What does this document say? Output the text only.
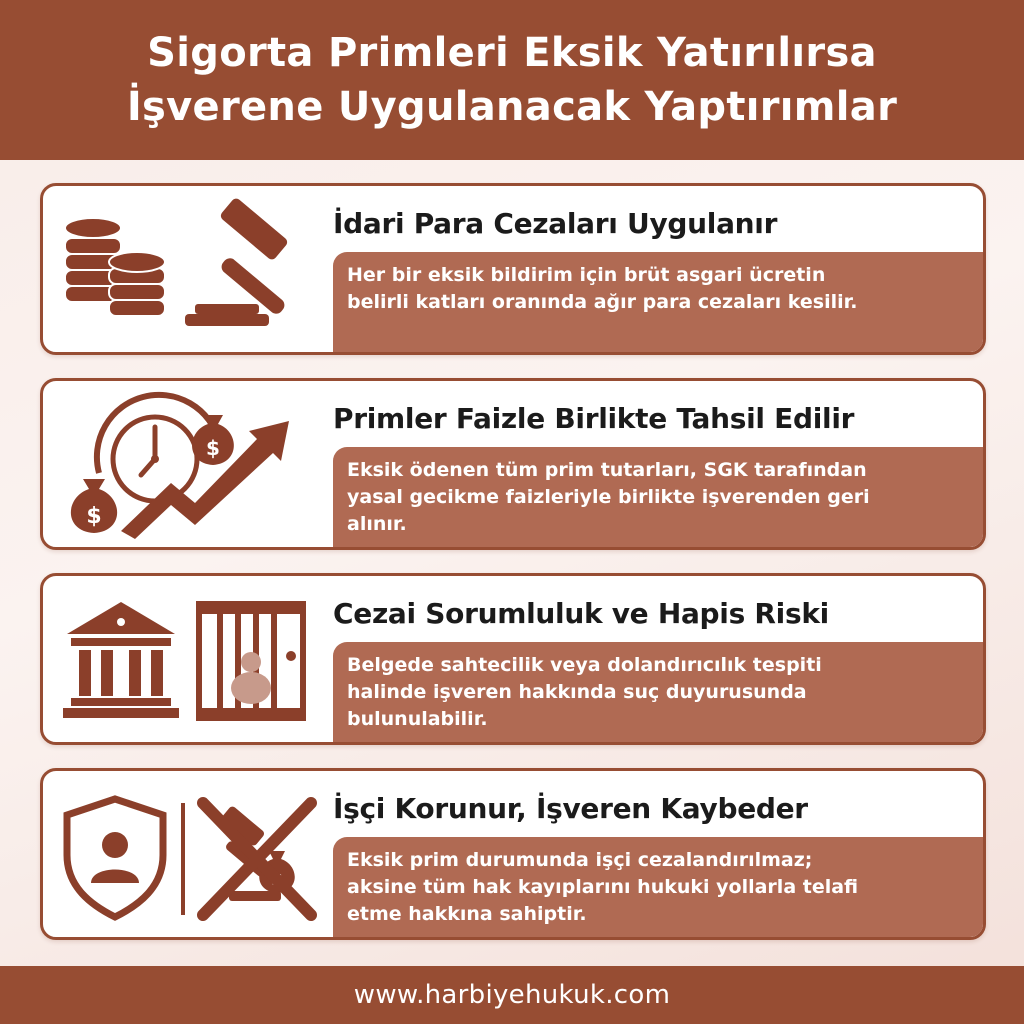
Sigorta Primleri Eksik Yatırılırsa
İşverene Uygulanacak Yaptırımlar
İdari Para Cezaları Uygulanır
Her bir eksik bildirim için brüt asgari ücretin
belirli katları oranında ağır para cezaları kesilir.
$
$
Primler Faizle Birlikte Tahsil Edilir
Eksik ödenen tüm prim tutarları, SGK tarafından
yasal gecikme faizleriyle birlikte işverenden geri
alınır.
Cezai Sorumluluk ve Hapis Riski
Belgede sahtecilik veya dolandırıcılık tespiti
halinde işveren hakkında suç duyurusunda
bulunulabilir.
İşçi Korunur, İşveren Kaybeder
Eksik prim durumunda işçi cezalandırılmaz;
aksine tüm hak kayıplarını hukuki yollarla telafi
etme hakkına sahiptir.
www.harbiyehukuk.com
